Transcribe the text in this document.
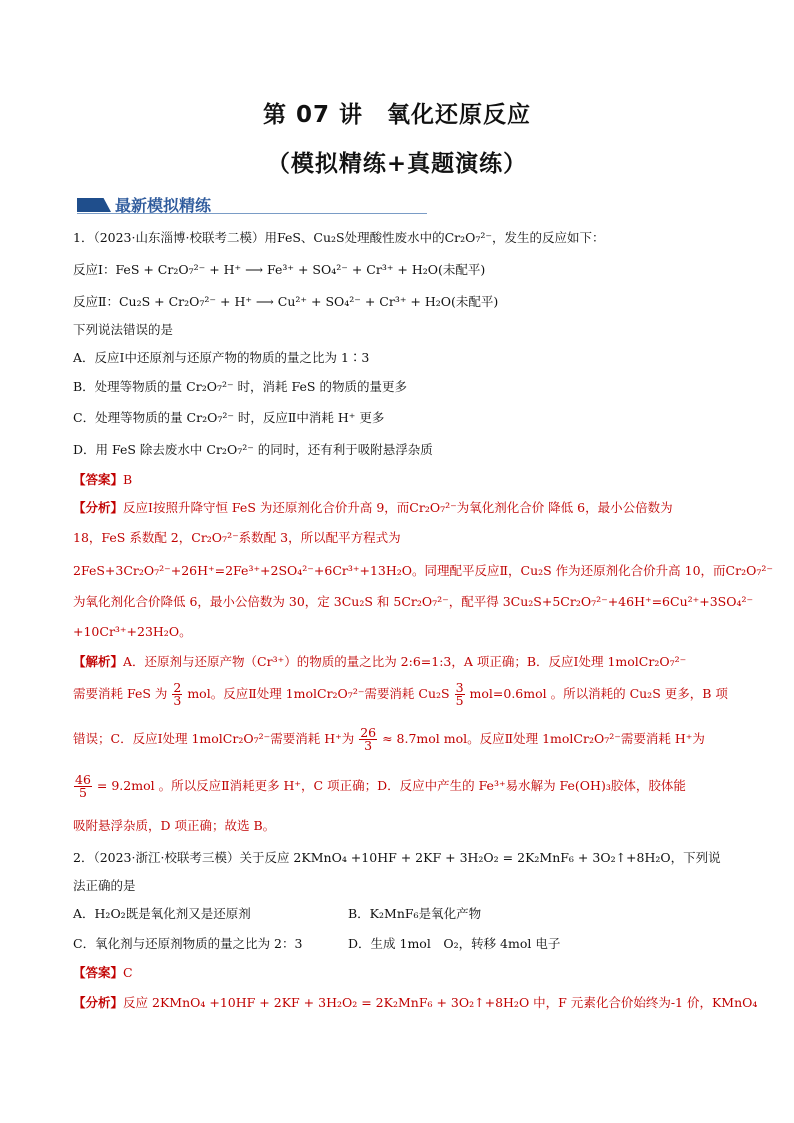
第 07 讲　氧化还原反应
（模拟精练+真题演练）
最新模拟精练
1．（2023·山东淄博·校联考二模）用FeS、Cu₂S处理酸性废水中的Cr₂O₇²⁻，发生的反应如下：
反应Ⅰ：FeS + Cr₂O₇²⁻ + H⁺ ⟶ Fe³⁺ + SO₄²⁻ + Cr³⁺ + H₂O(未配平)
反应Ⅱ：Cu₂S + Cr₂O₇²⁻ + H⁺ ⟶ Cu²⁺ + SO₄²⁻ + Cr³⁺ + H₂O(未配平)
下列说法错误的是
A．反应Ⅰ中还原剂与还原产物的物质的量之比为 1∶3
B．处理等物质的量 Cr₂O₇²⁻ 时，消耗 FeS 的物质的量更多
C．处理等物质的量 Cr₂O₇²⁻ 时，反应Ⅱ中消耗 H⁺ 更多
D．用 FeS 除去废水中 Cr₂O₇²⁻ 的同时，还有利于吸附悬浮杂质
【答案】B
【分析】反应Ⅰ按照升降守恒 FeS 为还原剂化合价升高 9，而Cr₂O₇²⁻为氧化剂化合价 降低 6，最小公倍数为
18，FeS 系数配 2，Cr₂O₇²⁻系数配 3，所以配平方程式为
2FeS+3Cr₂O₇²⁻+26H⁺=2Fe³⁺+2SO₄²⁻+6Cr³⁺+13H₂O。同理配平反应Ⅱ，Cu₂S 作为还原剂化合价升高 10，而Cr₂O₇²⁻
为氧化剂化合价降低 6，最小公倍数为 30，定 3Cu₂S 和 5Cr₂O₇²⁻，配平得 3Cu₂S+5Cr₂O₇²⁻+46H⁺=6Cu²⁺+3SO₄²⁻
+10Cr³⁺+23H₂O。
【解析】A．还原剂与还原产物（Cr³⁺）的物质的量之比为 2:6=1:3，A 项正确；B．反应Ⅰ处理 1molCr₂O₇²⁻
需要消耗 FeS 为 $\frac{2}{3}$ mol。反应Ⅱ处理 1molCr₂O₇²⁻需要消耗 $Cu_2S \frac{3}{5} mol=0.6mol$ 。所以消耗的 Cu₂S 更多，B 项
错误；C．反应Ⅰ处理 1molCr₂O₇²⁻需要消耗 H⁺为 $\frac{26}{3} \approx 8.7mol$ mol。反应Ⅱ处理 1molCr₂O₇²⁻需要消耗 H⁺为
$\frac{46}{5} = 9.2mol$ 。所以反应Ⅱ消耗更多 H⁺，C 项正确；D．反应中产生的 Fe³⁺易水解为 Fe(OH)₃胶体，胶体能
吸附悬浮杂质，D 项正确；故选 B。
2．（2023·浙江·校联考三模）关于反应 2KMnO₄ +10HF + 2KF + 3H₂O₂ = 2K₂MnF₆ + 3O₂↑+8H₂O，下列说
法正确的是
A．H₂O₂既是氧化剂又是还原剂	B．K₂MnF₆是氧化产物
C．氧化剂与还原剂物质的量之比为 2：3	D．生成 1mol　O₂，转移 4mol 电子
【答案】C
【分析】反应 2KMnO₄ +10HF + 2KF + 3H₂O₂ = 2K₂MnF₆ + 3O₂↑+8H₂O 中，F 元素化合价始终为-1 价，KMnO₄
